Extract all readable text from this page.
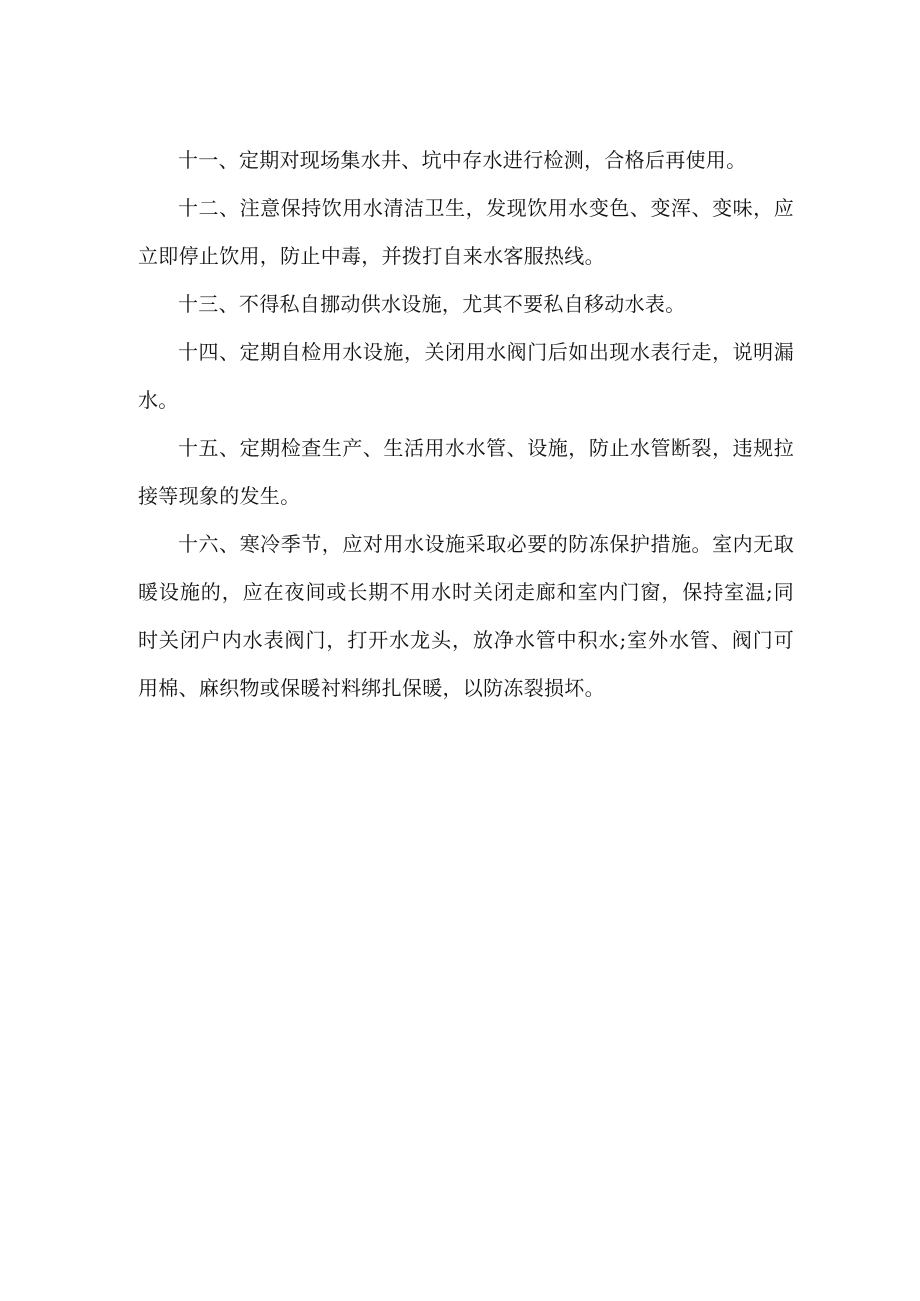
十一、定期对现场集水井、坑中存水进行检测，合格后再使用。

十二、注意保持饮用水清洁卫生，发现饮用水变色、变浑、变味，应立即停止饮用，防止中毒，并拨打自来水客服热线。

十三、不得私自挪动供水设施，尤其不要私自移动水表。

十四、定期自检用水设施，关闭用水阀门后如出现水表行走，说明漏水。

十五、定期检查生产、生活用水水管、设施，防止水管断裂，违规拉接等现象的发生。

十六、寒冷季节，应对用水设施采取必要的防冻保护措施。室内无取暖设施的，应在夜间或长期不用水时关闭走廊和室内门窗，保持室温;同时关闭户内水表阀门，打开水龙头，放净水管中积水;室外水管、阀门可用棉、麻织物或保暖衬料绑扎保暖，以防冻裂损坏。
